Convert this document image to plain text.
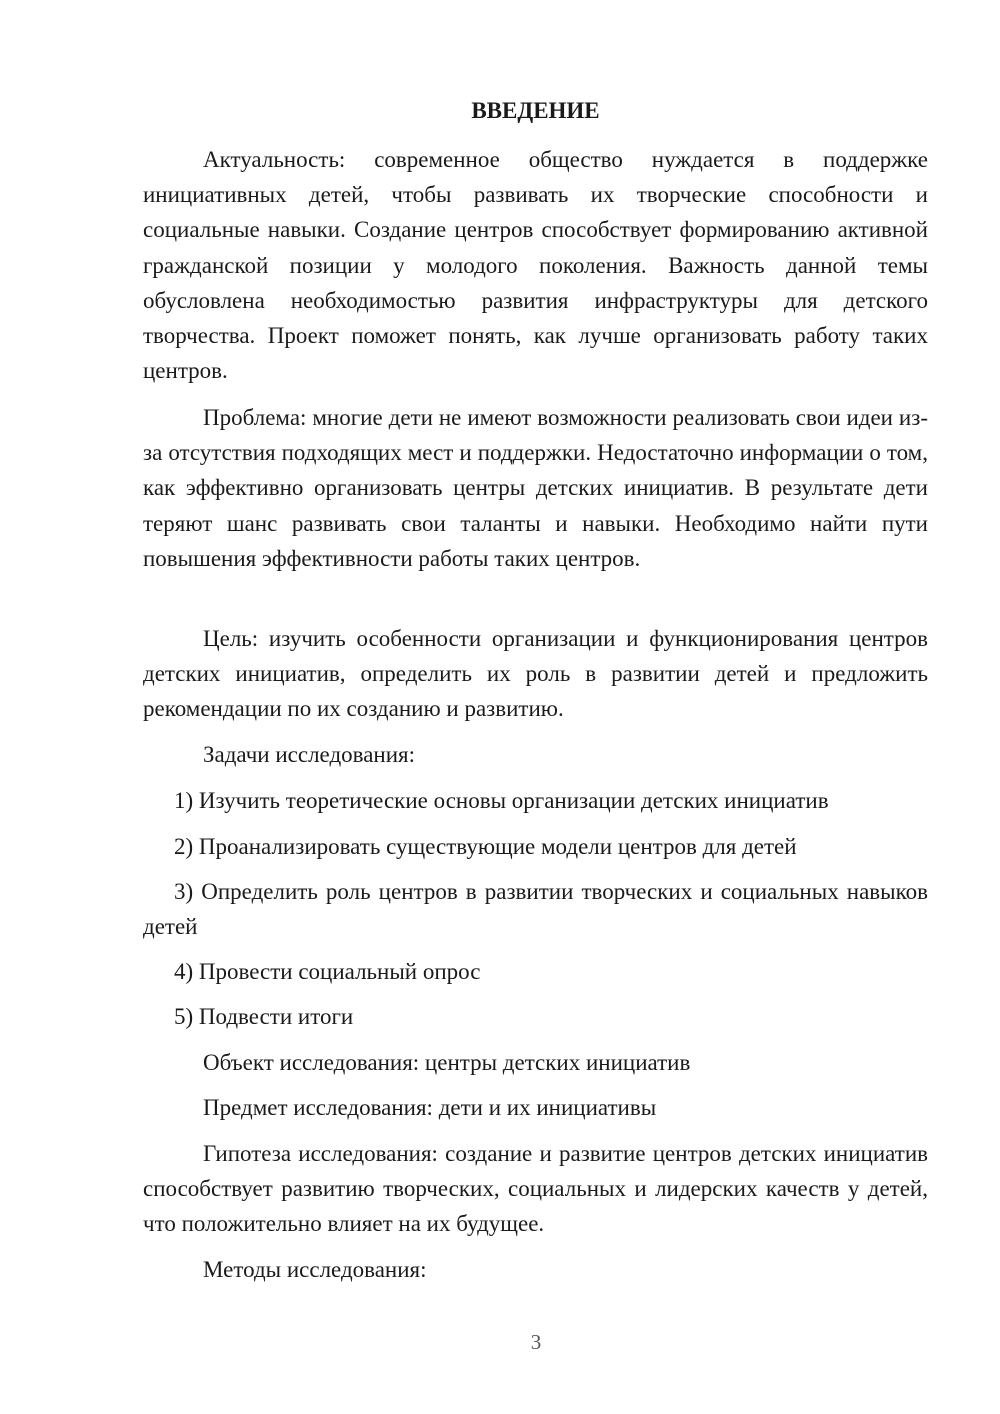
ВВЕДЕНИЕ

Актуальность: современное общество нуждается в поддержке инициативных детей, чтобы развивать их творческие способности и социальные навыки. Создание центров способствует формированию активной гражданской позиции у молодого поколения. Важность данной темы обусловлена необходимостью развития инфраструктуры для детского творчества. Проект поможет понять, как лучше организовать работу таких центров.

Проблема: многие дети не имеют возможности реализовать свои идеи из-за отсутствия подходящих мест и поддержки. Недостаточно информации о том, как эффективно организовать центры детских инициатив. В результате дети теряют шанс развивать свои таланты и навыки. Необходимо найти пути повышения эффективности работы таких центров.

Цель: изучить особенности организации и функционирования центров детских инициатив, определить их роль в развитии детей и предложить рекомендации по их созданию и развитию.

Задачи исследования:

1) Изучить теоретические основы организации детских инициатив

2) Проанализировать существующие модели центров для детей

3) Определить роль центров в развитии творческих и социальных навыков детей

4) Провести социальный опрос

5) Подвести итоги

Объект исследования: центры детских инициатив

Предмет исследования: дети и их инициативы

Гипотеза исследования: создание и развитие центров детских инициатив способствует развитию творческих, социальных и лидерских качеств у детей, что положительно влияет на их будущее.

Методы исследования:

3
